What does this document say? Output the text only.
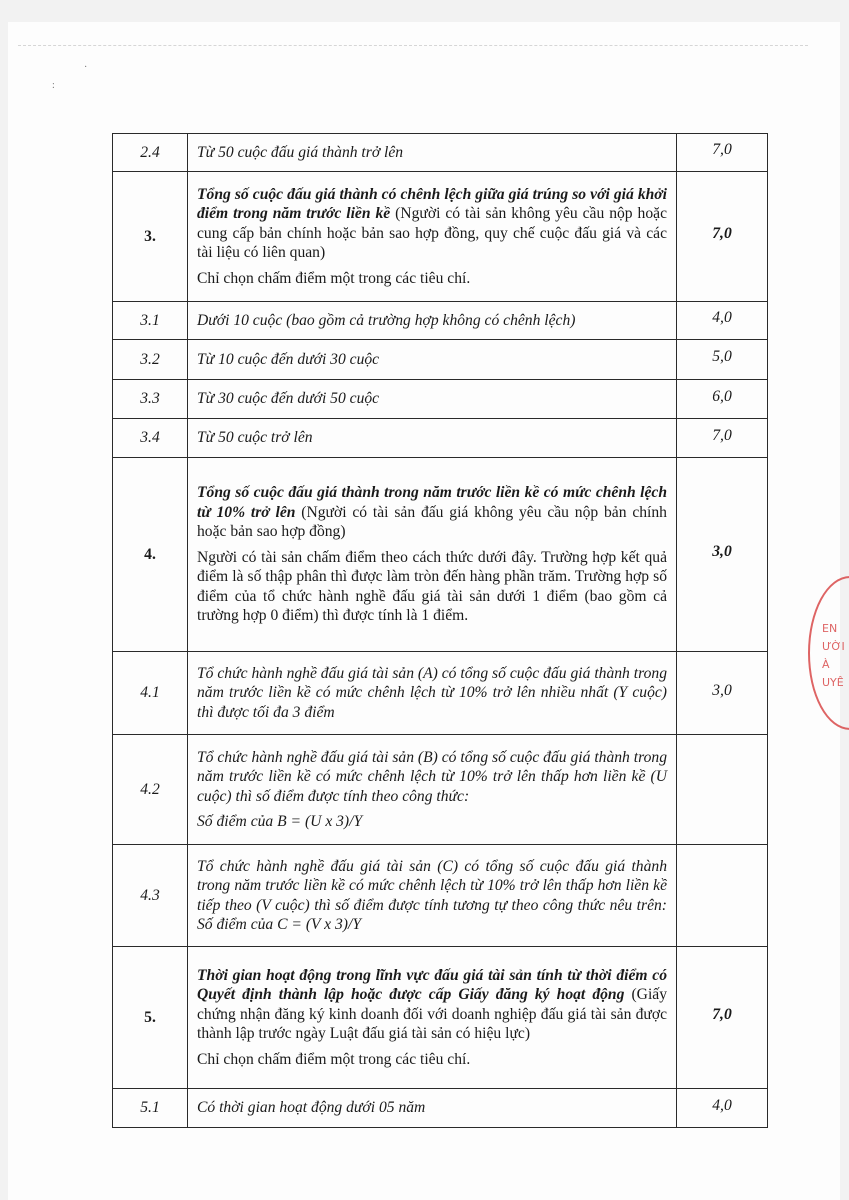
·
:
2.4	Từ 50 cuộc đấu giá thành trở lên	7,0
3.	Tổng số cuộc đấu giá thành có chênh lệch giữa giá trúng so với giá khởi điểm trong năm trước liền kề (Người có tài sản không yêu cầu nộp hoặc cung cấp bản chính hoặc bản sao hợp đồng, quy chế cuộc đấu giá và các tài liệu có liên quan)

Chỉ chọn chấm điểm một trong các tiêu chí.	7,0
3.1	Dưới 10 cuộc (bao gồm cả trường hợp không có chênh lệch)	4,0
3.2	Từ 10 cuộc đến dưới 30 cuộc	5,0
3.3	Từ 30 cuộc đến dưới 50 cuộc	6,0
3.4	Từ 50 cuộc trở lên	7,0
4.	Tổng số cuộc đấu giá thành trong năm trước liền kề có mức chênh lệch từ 10% trở lên (Người có tài sản đấu giá không yêu cầu nộp bản chính hoặc bản sao hợp đồng)

Người có tài sản chấm điểm theo cách thức dưới đây. Trường hợp kết quả điểm là số thập phân thì được làm tròn đến hàng phần trăm. Trường hợp số điểm của tổ chức hành nghề đấu giá tài sản dưới 1 điểm (bao gồm cả trường hợp 0 điểm) thì được tính là 1 điểm.	3,0
4.1	Tổ chức hành nghề đấu giá tài sản (A) có tổng số cuộc đấu giá thành trong năm trước liền kề có mức chênh lệch từ 10% trở lên nhiều nhất (Y cuộc) thì được tối đa 3 điểm	3,0
4.2	Tổ chức hành nghề đấu giá tài sản (B) có tổng số cuộc đấu giá thành trong năm trước liền kề có mức chênh lệch từ 10% trở lên thấp hơn liền kề (U cuộc) thì số điểm được tính theo công thức:

Số điểm của B = (U x 3)/Y	

4.3	Tổ chức hành nghề đấu giá tài sản (C) có tổng số cuộc đấu giá thành trong năm trước liền kề có mức chênh lệch từ 10% trở lên thấp hơn liền kề tiếp theo (V cuộc) thì số điểm được tính tương tự theo công thức nêu trên: Số điểm của C = (V x 3)/Y	
5.	Thời gian hoạt động trong lĩnh vực đấu giá tài sản tính từ thời điểm có Quyết định thành lập hoặc được cấp Giấy đăng ký hoạt động (Giấy chứng nhận đăng ký kinh doanh đối với doanh nghiệp đấu giá tài sản được thành lập trước ngày Luật đấu giá tài sản có hiệu lực)

Chỉ chọn chấm điểm một trong các tiêu chí.	7,0
5.1	Có thời gian hoạt động dưới 05 năm	4,0
EN
ƯỜI
À
UYÊ
